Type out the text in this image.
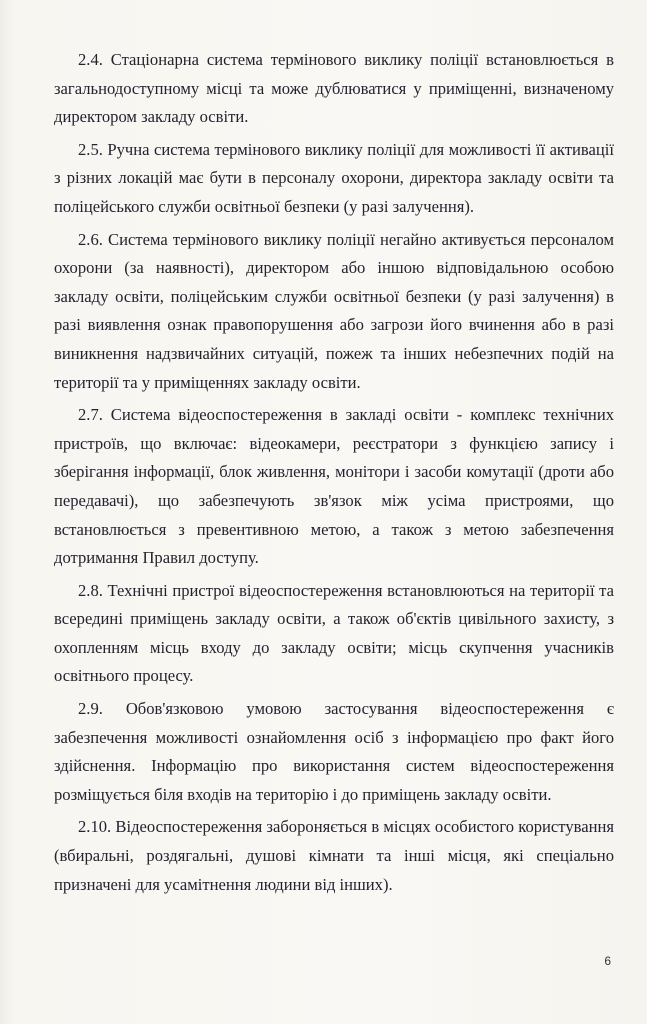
2.4. Стаціонарна система термінового виклику поліції встановлюється в загальнодоступному місці та може дублюватися у приміщенні, визначеному директором закладу освіти.

2.5. Ручна система термінового виклику поліції для можливості її активації з різних локацій має бути в персоналу охорони, директора закладу освіти та поліцейського служби освітньої безпеки (у разі залучення).

2.6. Система термінового виклику поліції негайно активується персоналом охорони (за наявності), директором або іншою відповідальною особою закладу освіти, поліцейським служби освітньої безпеки (у разі залучення) в разі виявлення ознак правопорушення або загрози його вчинення або в разі виникнення надзвичайних ситуацій, пожеж та інших небезпечних подій на території та у приміщеннях закладу освіти.

2.7. Система відеоспостереження в закладі освіти - комплекс технічних пристроїв, що включає: відеокамери, реєстратори з функцією запису і зберігання інформації, блок живлення, монітори і засоби комутації (дроти або передавачі), що забезпечують зв'язок між усіма пристроями, що встановлюється з превентивною метою, а також з метою забезпечення дотримання Правил доступу.

2.8. Технічні пристрої відеоспостереження встановлюються на території та всередині приміщень закладу освіти, а також об'єктів цивільного захисту, з охопленням місць входу до закладу освіти; місць скупчення учасників освітнього процесу.

2.9. Обов'язковою умовою застосування відеоспостереження є забезпечення можливості ознайомлення осіб з інформацією про факт його здійснення. Інформацію про використання систем відеоспостереження розміщується біля входів на територію і до приміщень закладу освіти.

2.10. Відеоспостереження забороняється в місцях особистого користування (вбиральні, роздягальні, душові кімнати та інші місця, які спеціально призначені для усамітнення людини від інших).

6
